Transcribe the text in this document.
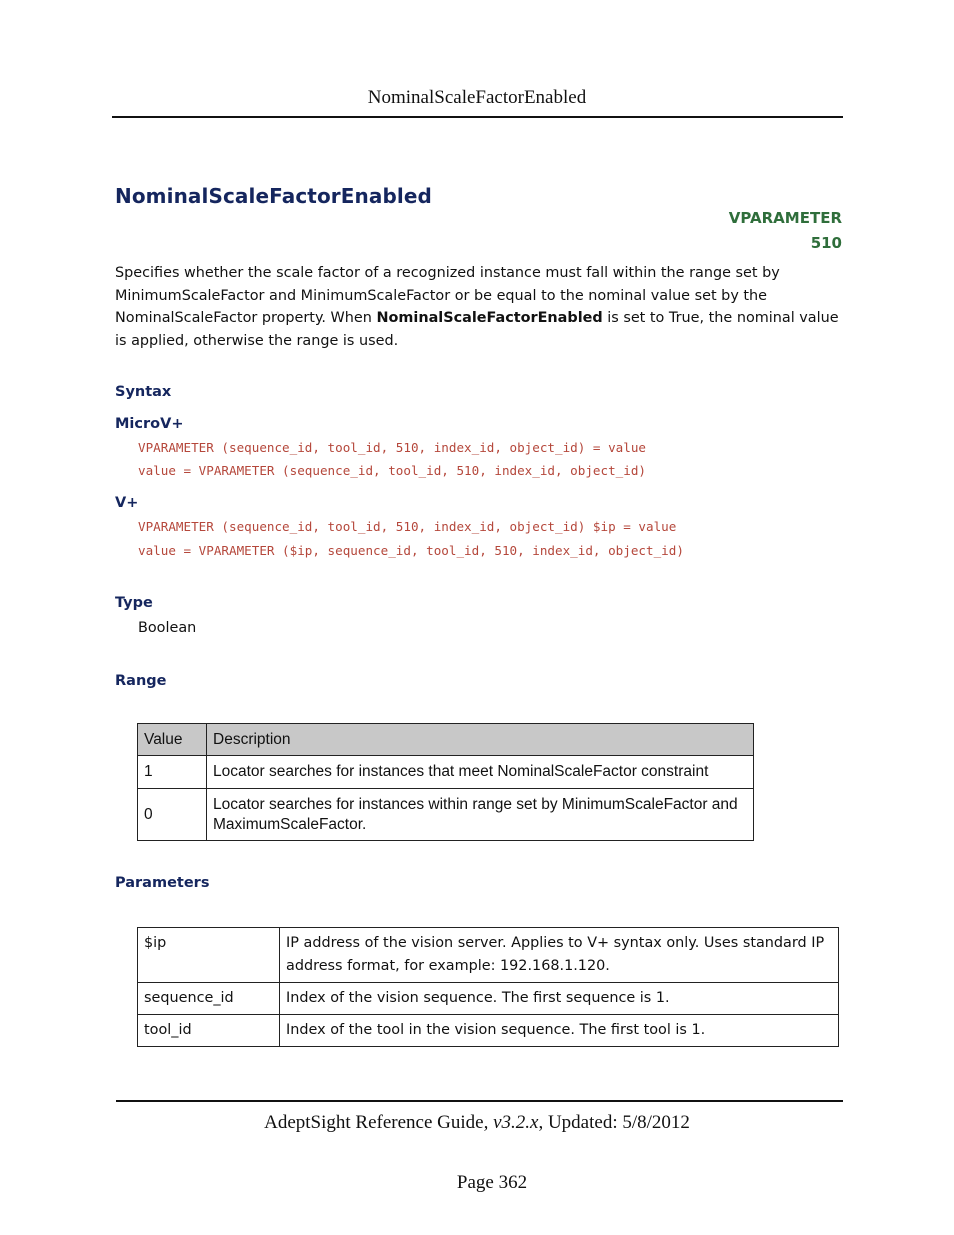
NominalScaleFactorEnabled
NominalScaleFactorEnabled
VPARAMETER
510
Specifies whether the scale factor of a recognized instance must fall within the range set by MinimumScaleFactor and MinimumScaleFactor or be equal to the nominal value set by the NominalScaleFactor property. When NominalScaleFactorEnabled is set to True, the nominal value is applied, otherwise the range is used.
Syntax
MicroV+
VPARAMETER (sequence_id, tool_id, 510, index_id, object_id) = value
value = VPARAMETER (sequence_id, tool_id, 510, index_id, object_id)
V+
VPARAMETER (sequence_id, tool_id, 510, index_id, object_id) $ip = value
value = VPARAMETER ($ip, sequence_id, tool_id, 510, index_id, object_id)
Type
Boolean
Range
Value	Description
1	Locator searches for instances that meet NominalScaleFactor constraint
0	Locator searches for instances within range set by MinimumScaleFactor and MaximumScaleFactor.
Parameters
$ip	IP address of the vision server. Applies to V+ syntax only. Uses standard IP address format, for example: 192.168.1.120.
sequence_id	Index of the vision sequence. The first sequence is 1.
tool_id	Index of the tool in the vision sequence. The first tool is 1.
AdeptSight Reference Guide, v3.2.x, Updated: 5/8/2012
Page 362
